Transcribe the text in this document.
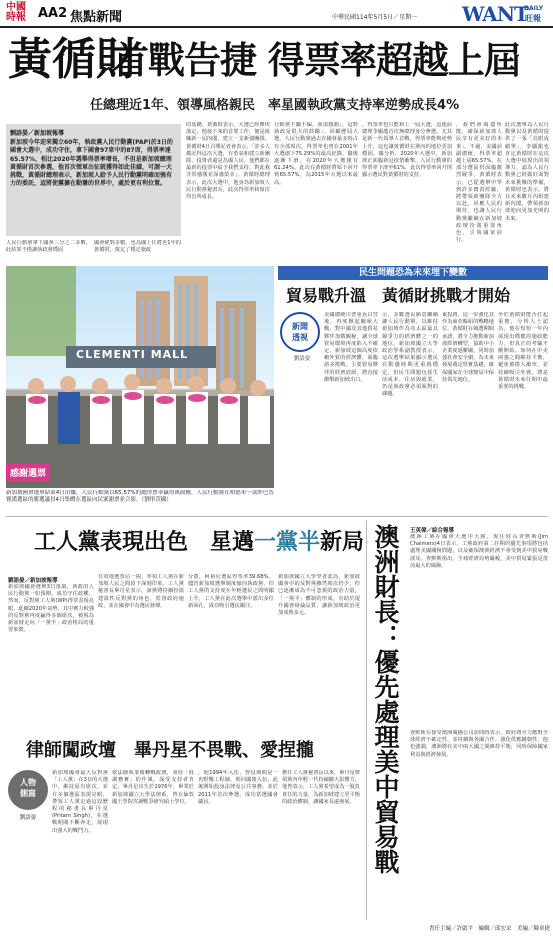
中國時報 AA2 焦點新聞	中華民國114年5月5日／星期一 WANT
DAILY
旺報
黃循財
首戰告捷 得票率超越上屆
任總理近1年、領導風格親民　率星國執政黨支持率逆勢成長4%
劉語晏／新加坡報導
新加坡今年迎來獨立60年，執政黨人民行動黨(PAP)於3日的國會大選中，成功守住，拿下國會97席中的87席，得票率達65.57%，相比2020年選舉得票率增長，不但是新加坡總理黃循財首次參選，他首次領軍出征就獲得如此佳績，可謂一大挑戰，黃循財總理表示，新加坡人給予人民行動黨明確而強有力的委託，這將使黨擴在動盪的世界中，處於更有利位置。
人民行動黨拿下國會三分之二多數，此結果不僅讓執政黨穩固
國會絕對多數，也為國上任將近1年的黃循財，奠定了穩定施政
的基礎，黃循財表示，大選已經塵埃落定，他接下來的首要工作，便是組織新一屆內閣，建立一支新強團隊。黃循財4日召開記者會表示，「許多人都記得這次大選，有勇氣和建立新團隊，投資者還是為國人民，他們都在最新的投票中給予我們支持，對此我非常感激並深感榮幸」。黃循財總理表示，此次大選中，他身為新加坡人民行動黨秘書長，此次得票率和席次均有所成長。
行動黨不屬不偏，我很感動」，這對執政是很大的鼓勵」。回顧歷屆大選，人民行動黨過去在國會最多時占有全部席次，得票率也曾在2001年大選創下75.29%的最高紀錄，隨後逐漸下滑，在2020年大選僅有61.24%。此次在黃循財帶領下回升到65.57%，為2015年大選以來最高。
，得票率也只能和上一屆大選，這使前總理李顯龍首次無總理身分參選，尤其是新一代領導人首戰，得票率能夠逆勢上升，這也讓黃循財在黨內的地位更加穩固。據分析，2020年大選中，新加坡正面臨新冠疫情衝擊，人民行動黨的得票率下滑至61%，此次得票率回升則顯示選民對黃循財的支持。
，我們會竭盡所能，確保新加坡人民享有更美好的未來」。不過，美國前副總統，得票率超越上屆65.57%，在部分選區仍面臨激烈競爭。黃循財表示，已從選舉中學到許多寶貴經驗，將帶領新團隊全力以赴，回應人民的期待，也讓人民行動黨繼續在新加坡政壇扮演重要角色，引領國家前行。
此次選舉為人民行動黨以及黃循財提供了一張「亮眼成績單」，李顯龍也肯定黃循財在這次大選中展現出的領導力，認為人民行動黨已經做好面對未來挑戰的準備，黃循財也表示，將在未來數月內組建新內閣，帶領新加坡迎向更加光明的未來。
CLEMENTI MALL
感謝選票
新加坡國會選舉結果4日出爐，人民行動黨以65.57%的總得票率贏得執政權，人民行動黨在柏德車一款昨巴普賽漢選區的勝選議員4日集體在選區向民眾謝票並合影。（劉彤萱攝）
民生問題恐為未來埋下變數
貿易戰升溫　黃循財挑戰才開始
新聞
透視
劉語晏
美國總統川普重返白宮後，再度掀起關稅大戰，對中國及其他貿易夥伴加徵關稅，讓全球貿易環境再度陷入不確定，新加坡這個高度依賴外貿的經濟體，面臨諸多挑戰。主要貿易夥伴的經濟放緩，將直接衝擊新加坡出口。
示，多數選民願意繼續讓人民行動黨，以維持新加坡作為亞太區最具競爭力的經濟體之一的地位。新加坡國立大學政治學系副教授表示，這次選舉結果顯示選民在動盪時期更重視穩定，但民生問題包括生活成本、住房與就業，仍是執政黨必須面對的課題。
東投資，這一步強化其作為東亞樞紐的戰略地位。黃循財在競選期間承諾，將全力推動新加坡經濟轉型，協助中小企業度過難關，同時加強社會安全網，為未來發展奠定堅實基礎，確保國家在全球變局中保持領先地位。
至於黃循財能否扛起重擔，分析人士認為，他在短短一年內展現出穩健的施政能力，但真正的考驗才剛開始。如何在中美兩強之間維持平衡，避免被捲入衝突，並持續吸引外資，將是黃循財未來任期中最重要的挑戰。
工人黨表現出色　星邁一黨半新局
劉語晏／新加坡報導
新加坡國會選舉3日落幕，執政的人民行動黨一如預期，成功守住政權，然而，反對黨工人黨(WP)得票表現亮眼，延續2020年氣勢，其中實力較強的反對黨再度贏得多個席次，被視為新加坡走向「一黨半」政治格局的重要象徵。
有效地選票佔一兩，率領工人黨在新加坡人民之間留下深刻印象。工人黨秘書長畢丹星表示，該黨將持續扮演建設性反對黨的角色，監督政府施政，並在國會中為選民發聲。
分散，阿裕尼選區得票率39.68%。儘管新加坡選舉制度傾向執政黨，但工人黨的支持度在年輕選民之間明顯上升，工人黨在此次選舉中派出多位新面孔，成功吸引選民關注。
新加坡國立大學學者認為，新加坡國會中的反對黨雖然席次仍少，但已逐漸成為不可忽視的政治力量，「一黨半」體制的形成，有助於提升國會辯論品質，讓新加坡政治更加成熟多元。
律師闖政壇　畢丹星不畏戰、愛捏攏
人物
側寫
劉語晏
新加坡國會最大反對黨「工人黨」在3日的大選中，維持原有席次，並在多個選區表現亮眼，帶領工人黨走過這段歷程的秘書長畢丹星(Pritam Singh)，在選戰期間不斷奔走，展現出強大的戰鬥力。
依法師執業後轉戰政壇，秉持「低調務實」的作風，深受支持者肯定。畢丹星出生於1976年，畢業於新加坡國立大學法律系，曾在倫敦國王學院攻讀戰爭研究碩士學位。
，他1994年入伍，曾役期間是一名野戰工程師，則回國後入伍，此後開始投身法律及公共事務，並於2011年首次參選，成功當選國會議員。
擔任工人黨秘書長以來，畢丹星帶領黨內年輕一代持續擴大影響力，他曾表示，工人黨希望成為一股負責任的力量，為新加坡建立更平衡的政治體制，讓國家長遠發展。 澳洲財長：優先處理美中貿易戰	王英偉／綜合報導
澳洲工黨在國會大選中大勝，現任財長查默斯(Jim Chalmers)4日表示，工黨政府第二任期的優先事項將包括處理美國關稅問題，以及確保澳洲經濟不會受到美中貿易戰波及。查默斯指出，全球經濟局勢嚴峻，美中貿易緊張是當前最大的風險。
查默斯在接受澳洲廣播公司訪問時表示，政府將全力應對全球經濟不確定性，並持續與各國合作，強化供應鏈韌性。他也強調，澳洲將在美中兩大國之間維持平衡，同時保障國家利益與經濟發展。
責任主編／許啟平　編輯／邱宏采　美編／陳韋捷
